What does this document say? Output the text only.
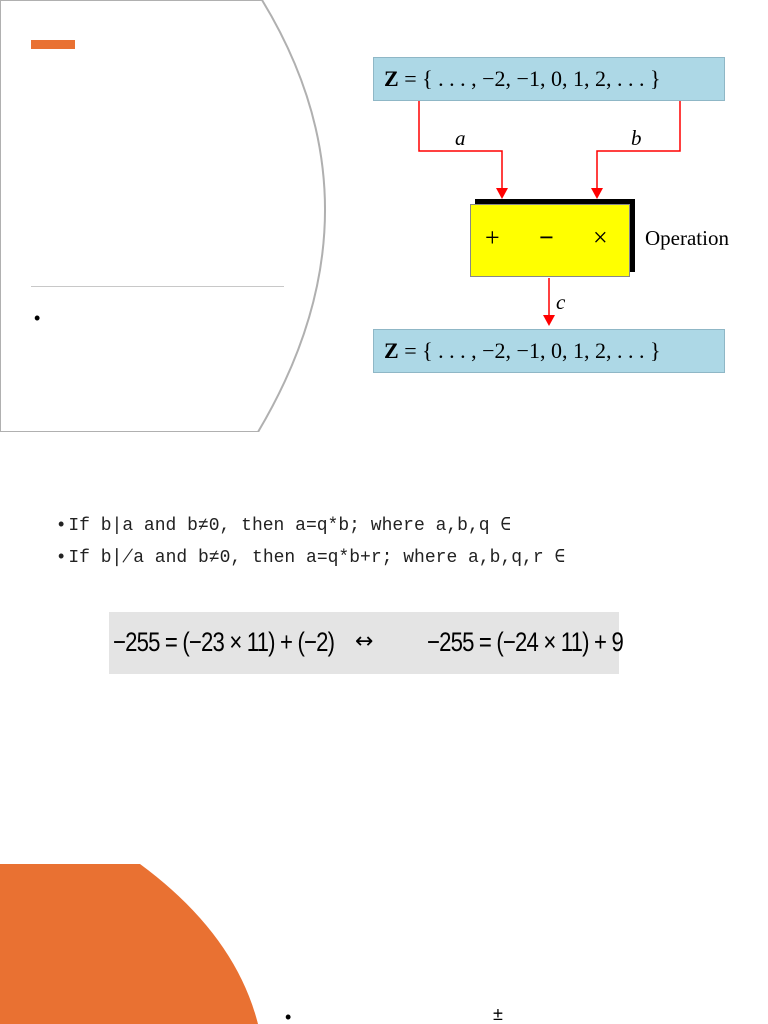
•
Z = { . . . , −2, −1, 0, 1, 2, . . . }
a	b
+ − × Operation
c
Z = { . . . , −2, −1, 0, 1, 2, . . . }
• If b|a and b≠0, then a=q*b; where a,b,q ∈
• If b∤a and b≠0, then a=q*b+r; where a,b,q,r ∈
−255 = (−23 × 11) + (−2) ↔ −255 = (−24 × 11) + 9
•	±
